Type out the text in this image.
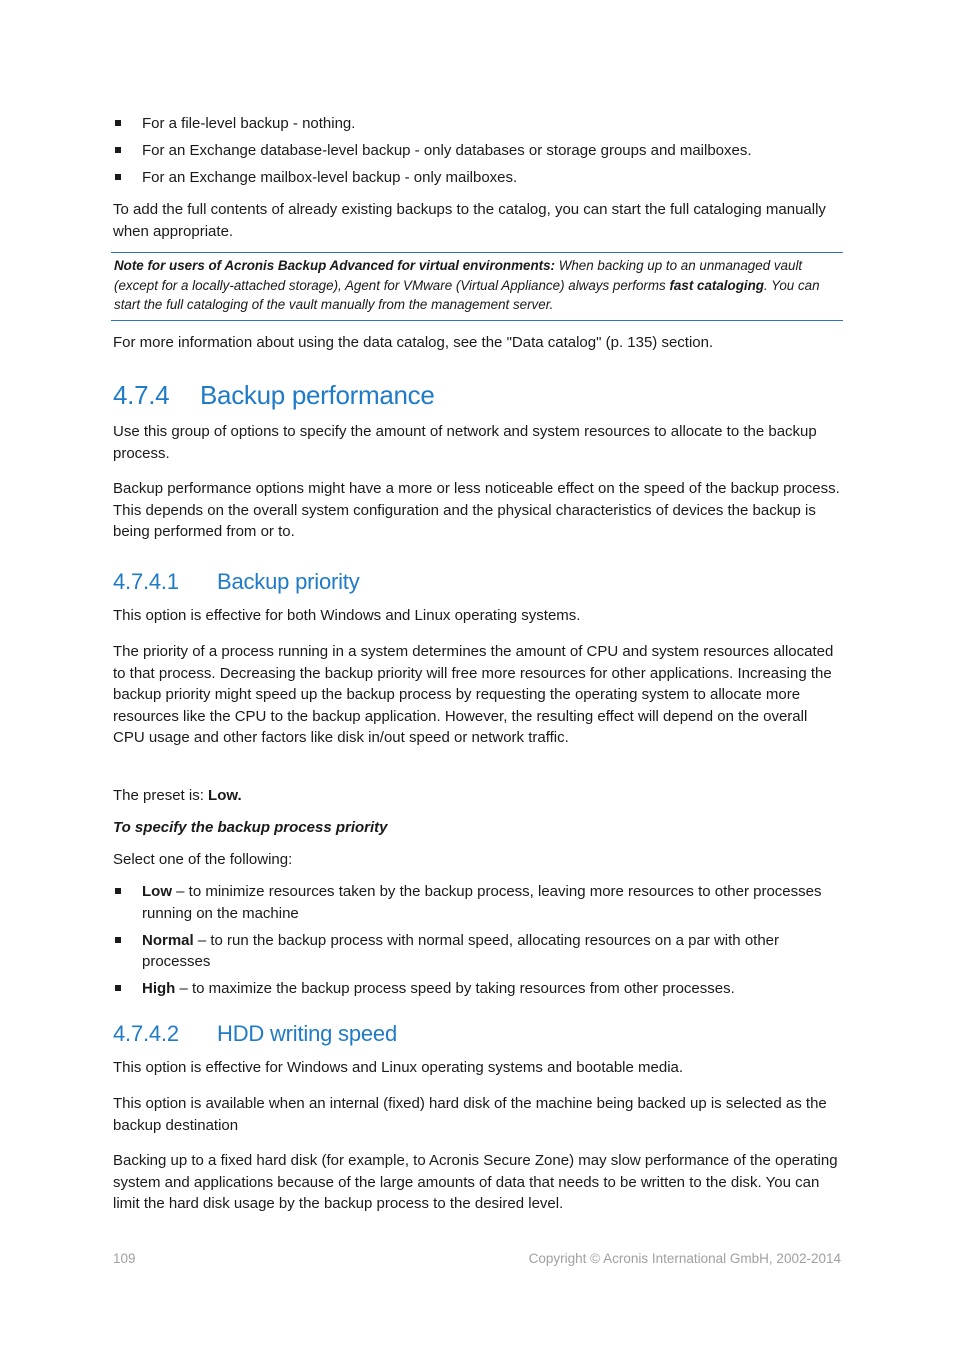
For a file-level backup - nothing.
For an Exchange database-level backup - only databases or storage groups and mailboxes.
For an Exchange mailbox-level backup - only mailboxes.

To add the full contents of already existing backups to the catalog, you can start the full cataloging manually when appropriate.

Note for users of Acronis Backup Advanced for virtual environments: When backing up to an unmanaged vault (except for a locally-attached storage), Agent for VMware (Virtual Appliance) always performs fast cataloging. You can start the full cataloging of the vault manually from the management server.

For more information about using the data catalog, see the "Data catalog" (p. 135) section.

4.7.4 Backup performance

Use this group of options to specify the amount of network and system resources to allocate to the backup process.

Backup performance options might have a more or less noticeable effect on the speed of the backup process. This depends on the overall system configuration and the physical characteristics of devices the backup is being performed from or to.

4.7.4.1 Backup priority

This option is effective for both Windows and Linux operating systems.

The priority of a process running in a system determines the amount of CPU and system resources allocated to that process. Decreasing the backup priority will free more resources for other applications. Increasing the backup priority might speed up the backup process by requesting the operating system to allocate more resources like the CPU to the backup application. However, the resulting effect will depend on the overall CPU usage and other factors like disk in/out speed or network traffic.

The preset is: Low.

To specify the backup process priority

Select one of the following:

Low – to minimize resources taken by the backup process, leaving more resources to other processes running on the machine
Normal – to run the backup process with normal speed, allocating resources on a par with other processes
High – to maximize the backup process speed by taking resources from other processes.
4.7.4.2 HDD writing speed

This option is effective for Windows and Linux operating systems and bootable media.

This option is available when an internal (fixed) hard disk of the machine being backed up is selected as the backup destination

Backing up to a fixed hard disk (for example, to Acronis Secure Zone) may slow performance of the operating system and applications because of the large amounts of data that needs to be written to the disk. You can limit the hard disk usage by the backup process to the desired level.

109	Copyright © Acronis International GmbH, 2002-2014
